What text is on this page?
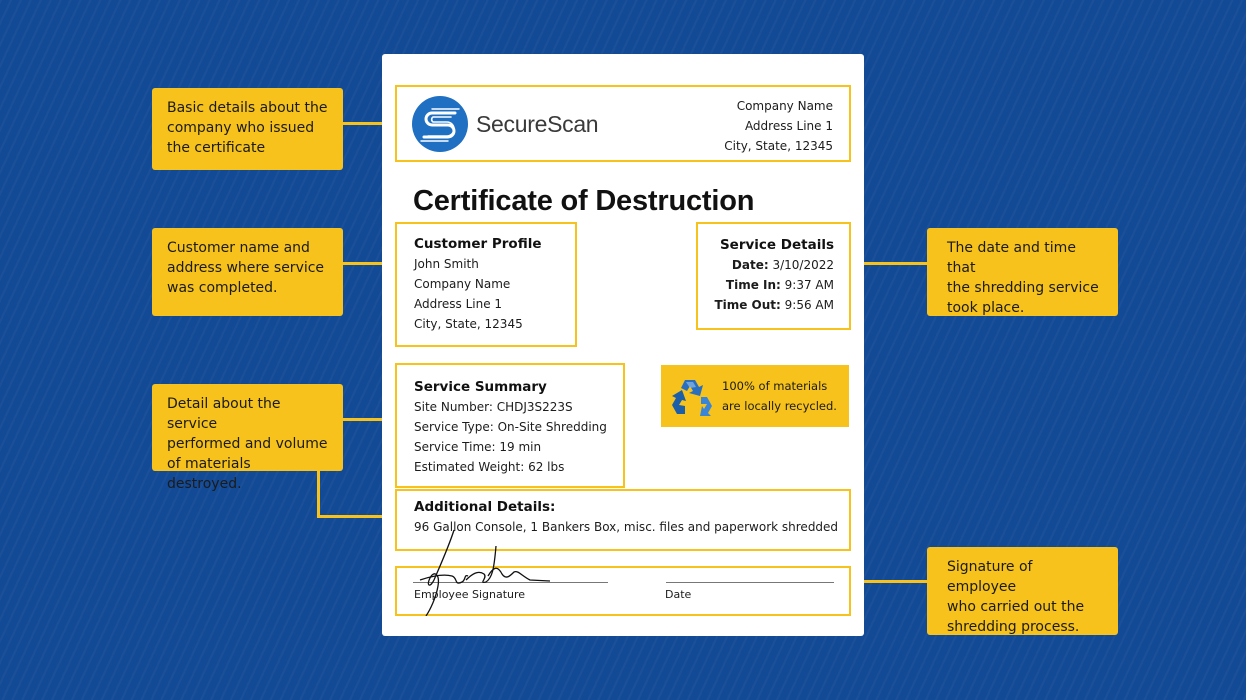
Basic details about the
company who issued
the certificate
Customer name and
address where service
was completed.
Detail about the service
performed and volume
of materials destroyed.
The date and time that
the shredding service
took place.
Signature of employee
who carried out the
shredding process.
SecureScan
Company Name
Address Line 1
City, State, 12345
Certificate of Destruction
Customer Profile
John Smith
Company Name
Address Line 1
City, State, 12345
Service Details
Date: 3/10/2022
Time In: 9:37 AM
Time Out: 9:56 AM
Service Summary
Site Number: CHDJ3S223S
Service Type: On-Site Shredding
Service Time: 19 min
Estimated Weight: 62 lbs
100% of materials
are locally recycled.
Additional Details:
96 Gallon Console, 1 Bankers Box, misc. files and paperwork shredded
Employee Signature	Date
